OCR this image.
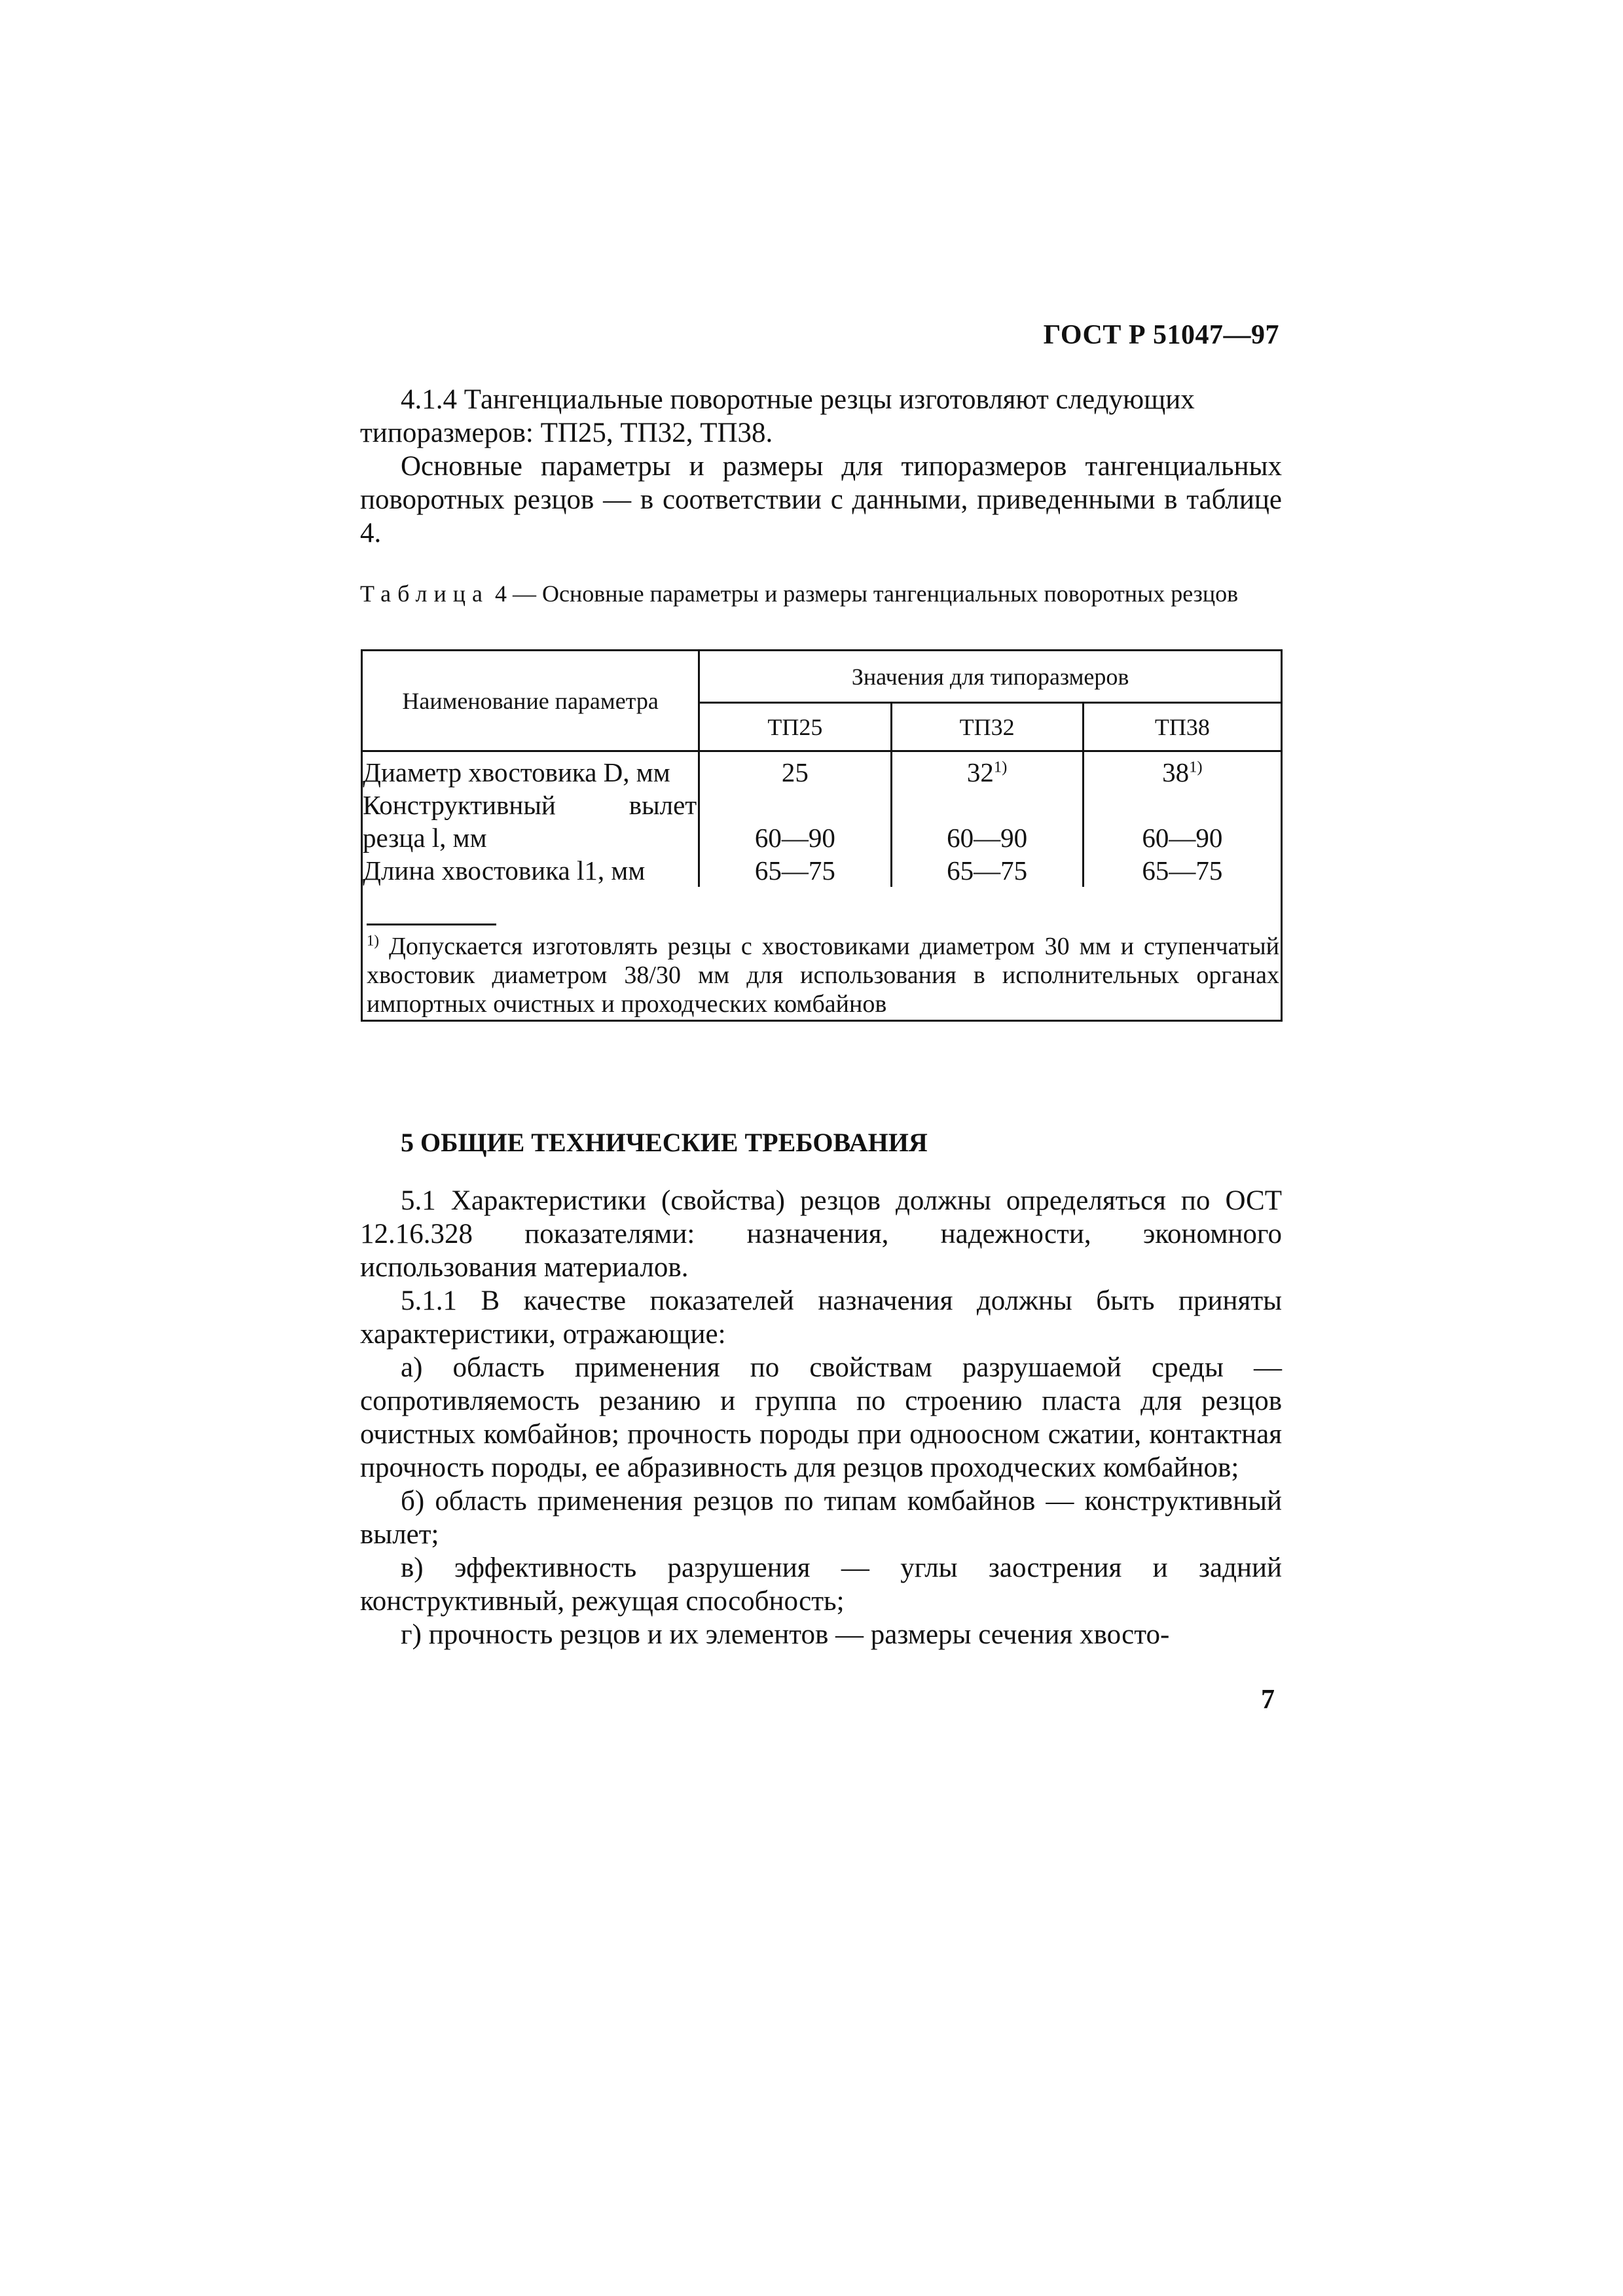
ГОСТ Р 51047—97

4.1.4 Тангенциальные поворотные резцы изготовляют следующих

типоразмеров: ТП25, ТП32, ТП38.

Основные параметры и размеры для типоразмеров тангенциальных поворотных резцов — в соответствии с данными, приведенными в таблице 4.

Таблица 4 — Основные параметры и размеры тангенциальных поворотных резцов

Наименование параметра	Значения для типоразмеров		
	ТП25	ТП32	ТП38
Диаметр хвостовика D, мм	25	32$^{1)}$	38$^{1)}$
Конструктивный вылет резца l, мм	60—90	60—90	60—90
Длина хвостовика l1, мм	65—75	65—75	65—75

$^{1)}$ Допускается изготовлять резцы с хвостовиками диаметром 30 мм и ступенчатый хвостовик диаметром 38/30 мм для использования в исполнительных органах импортных очистных и проходческих комбайнов			

5 ОБЩИЕ ТЕХНИЧЕСКИЕ ТРЕБОВАНИЯ

5.1 Характеристики (свойства) резцов должны определяться по ОСТ 12.16.328 показателями: назначения, надежности, экономного использования материалов.

5.1.1 В качестве показателей назначения должны быть приняты характеристики, отражающие:

а) область применения по свойствам разрушаемой среды — сопротивляемость резанию и группа по строению пласта для резцов очистных комбайнов; прочность породы при одноосном сжатии, контактная прочность породы, ее абразивность для резцов проходческих комбайнов;

б) область применения резцов по типам комбайнов — конструктивный вылет;

в) эффективность разрушения — углы заострения и задний конструктивный, режущая способность;

г) прочность резцов и их элементов — размеры сечения хвосто-

7
